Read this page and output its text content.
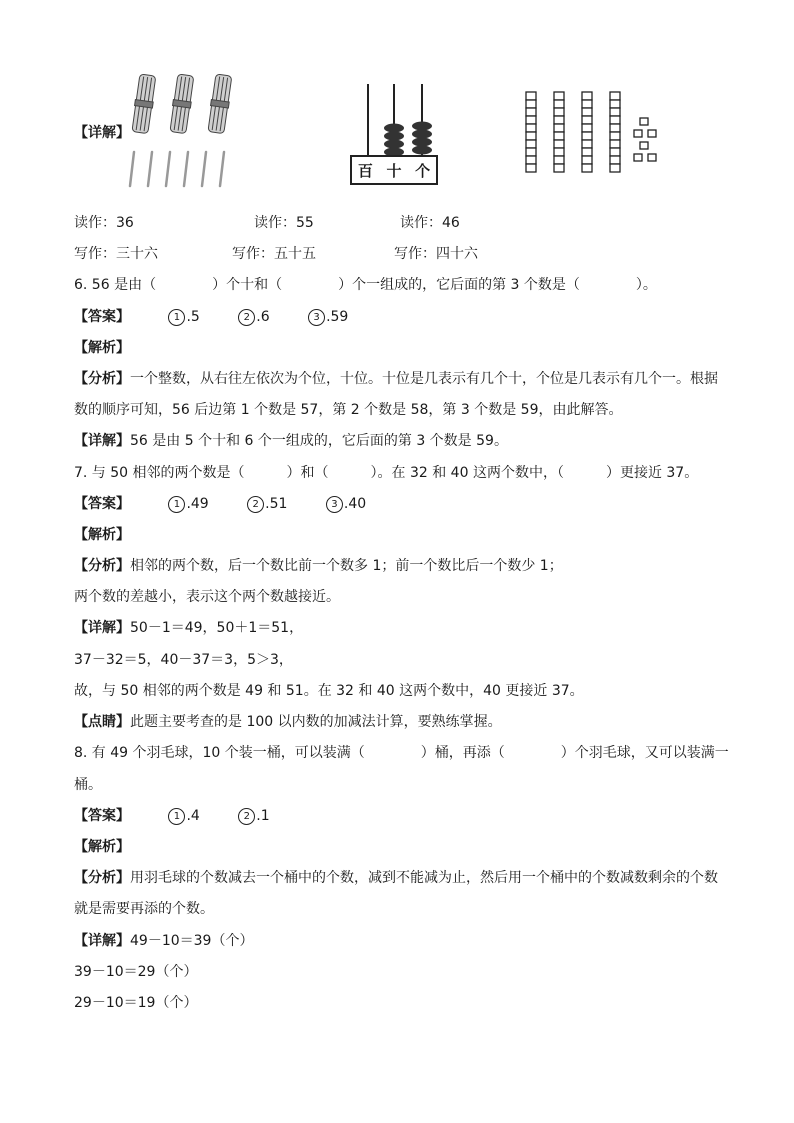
【详解】
百 十 个
读作：36	读作：55	读作：46
写作：三十六	写作：五十五	写作：四十六
6. 56 是由（　　　　）个十和（　　　　）个一组成的，它后面的第 3 个数是（　　　　）。
【答案】	1 .5	2 .6	3 .59
【解析】
【分析】一个整数，从右往左依次为个位，十位。十位是几表示有几个十，个位是几表示有几个一。根据
数的顺序可知，56 后边第 1 个数是 57，第 2 个数是 58，第 3 个数是 59，由此解答。
【详解】56 是由 5 个十和 6 个一组成的，它后面的第 3 个数是 59。
7. 与 50 相邻的两个数是（　　　）和（　　　）。在 32 和 40 这两个数中，（　　　）更接近 37。
【答案】	1 .49	2 .51	3 .40
【解析】
【分析】相邻的两个数，后一个数比前一个数多 1；前一个数比后一个数少 1；
两个数的差越小，表示这个两个数越接近。
【详解】50－1＝49，50＋1＝51，
37－32＝5，40－37＝3，5＞3，
故，与 50 相邻的两个数是 49 和 51。在 32 和 40 这两个数中，40 更接近 37。
【点睛】此题主要考查的是 100 以内数的加减法计算，要熟练掌握。
8. 有 49 个羽毛球，10 个装一桶，可以装满（　　　　）桶，再添（　　　　）个羽毛球，又可以装满一
桶。
【答案】	1 .4	2 .1
【解析】
【分析】用羽毛球的个数减去一个桶中的个数，减到不能减为止，然后用一个桶中的个数减数剩余的个数
就是需要再添的个数。
【详解】49－10＝39（个）
39－10＝29（个）
29－10＝19（个）
